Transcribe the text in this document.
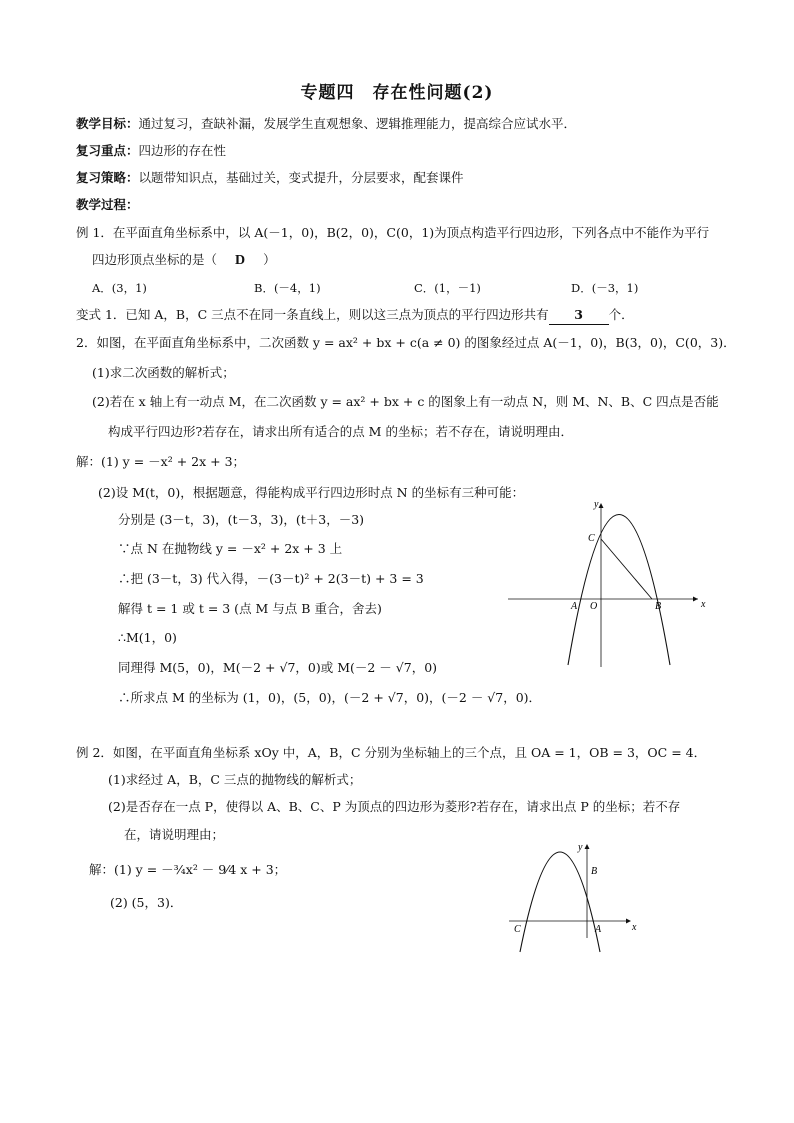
专题四　存在性问题(2)
教学目标：通过复习，查缺补漏，发展学生直观想象、逻辑推理能力，提高综合应试水平．
复习重点：四边形的存在性
复习策略：以题带知识点，基础过关，变式提升，分层要求，配套课件
教学过程：
例 1．在平面直角坐标系中，以 A(－1，0)，B(2，0)，C(0，1)为顶点构造平行四边形，下列各点中不能作为平行
四边形顶点坐标的是（ D ）
A．(3，1)	B．(－4，1)	C．(1，－1)	D．(－3，1)
变式 1．已知 A，B，C 三点不在同一条直线上，则以这三点为顶点的平行四边形共有 3 个．
2．如图，在平面直角坐标系中，二次函数 y = ax² + bx + c(a ≠ 0) 的图象经过点 A(－1，0)，B(3，0)，C(0，3)．
(1)求二次函数的解析式；
(2)若在 x 轴上有一动点 M，在二次函数 y = ax² + bx + c 的图象上有一动点 N，则 M、N、B、C 四点是否能
构成平行四边形?若存在，请求出所有适合的点 M 的坐标；若不存在，请说明理由．
解：(1) y = －x² + 2x + 3；
(2)设 M(t，0)，根据题意，得能构成平行四边形时点 N 的坐标有三种可能：
分别是 (3－t，3)，(t－3，3)，(t＋3，－3)
∵点 N 在抛物线 y = －x² + 2x + 3 上
∴把 (3－t，3) 代入得，－(3－t)² + 2(3－t) + 3 = 3
解得 t = 1 或 t = 3 (点 M 与点 B 重合，舍去)
∴M(1，0)
同理得 M(5，0)，M(－2 + √7，0)或 M(－2 － √7，0)
∴所求点 M 的坐标为 (1，0)，(5，0)，(－2 + √7，0)，(－2 － √7，0)．
y
x
C
A O	B
例 2．如图，在平面直角坐标系 xOy 中，A，B，C 分别为坐标轴上的三个点，且 OA = 1，OB = 3，OC = 4．
(1)求经过 A，B，C 三点的抛物线的解析式；
(2)是否存在一点 P，使得以 A、B、C、P 为顶点的四边形为菱形?若存在，请求出点 P 的坐标；若不存
在，请说明理由；
解：(1) y = －¾x² － 9⁄4 x + 3；
(2) (5，3)．
y
x
B
C	A
